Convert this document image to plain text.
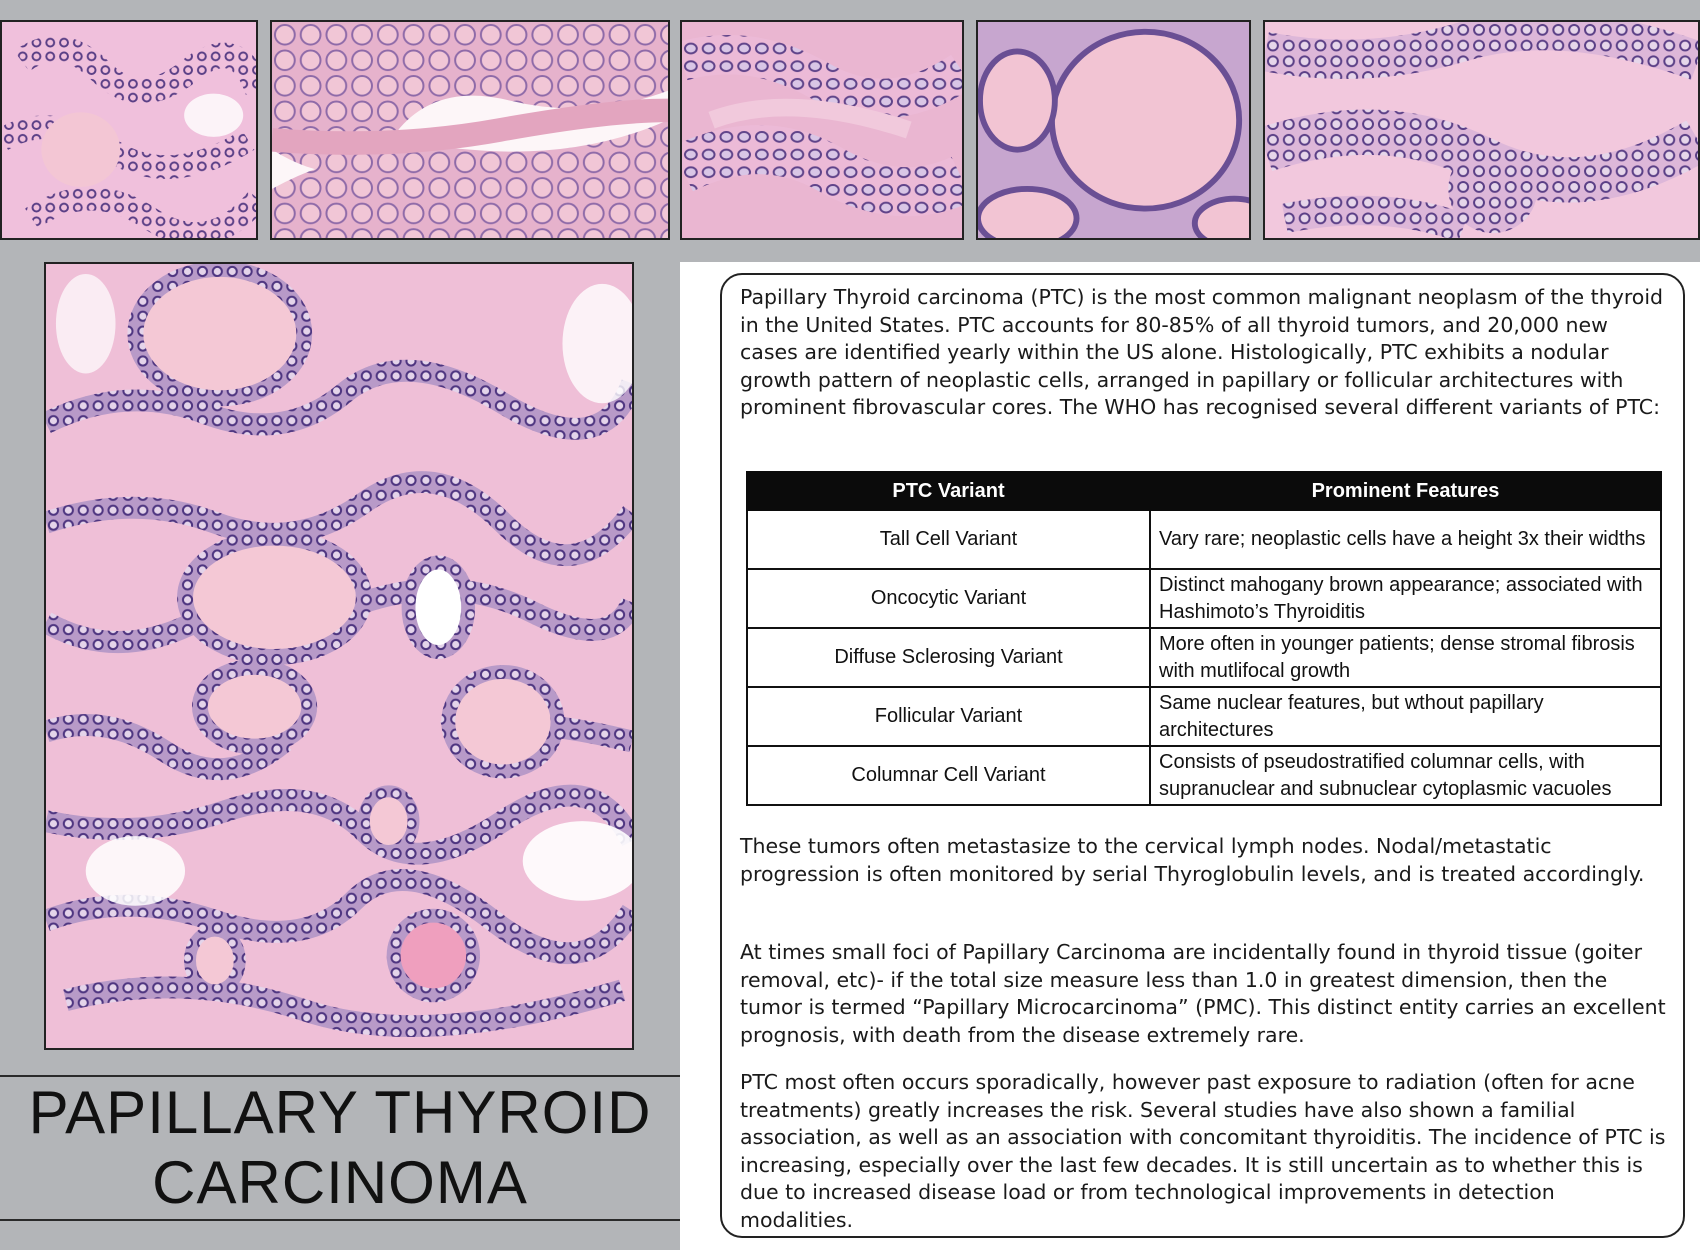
PAPILLARY THYROID
CARCINOMA

Papillary Thyroid carcinoma (PTC) is the most common malignant neoplasm of the thyroid in the United States. PTC accounts for 80-85% of all thyroid tumors, and 20,000 new cases are identified yearly within the US alone. Histologically, PTC exhibits a nodular growth pattern of neoplastic cells, arranged in papillary or follicular architectures with prominent fibrovascular cores. The WHO has recognised several different variants of PTC:

PTC Variant	Prominent Features
Tall Cell Variant	Vary rare; neoplastic cells have a height 3x their widths
Oncocytic Variant	Distinct mahogany brown appearance; associated with Hashimoto’s Thyroiditis
Diffuse Sclerosing Variant	More often in younger patients; dense stromal fibrosis with mutlifocal growth
Follicular Variant	Same nuclear features, but wthout papillary architectures
Columnar Cell Variant	Consists of pseudostratified columnar cells, with supranuclear and subnuclear cytoplasmic vacuoles

These tumors often metastasize to the cervical lymph nodes. Nodal/metastatic progression is often monitored by serial Thyroglobulin levels, and is treated accordingly.

At times small foci of Papillary Carcinoma are incidentally found in thyroid tissue (goiter removal, etc)- if the total size measure less than 1.0 in greatest dimension, then the tumor is termed “Papillary Microcarcinoma” (PMC). This distinct entity carries an excellent prognosis, with death from the disease extremely rare.

PTC most often occurs sporadically, however past exposure to radiation (often for acne treatments) greatly increases the risk. Several studies have also shown a familial association, as well as an association with concomitant thyroiditis. The incidence of PTC is increasing, especially over the last few decades. It is still uncertain as to whether this is due to increased disease load or from technological improvements in detection modalities.
